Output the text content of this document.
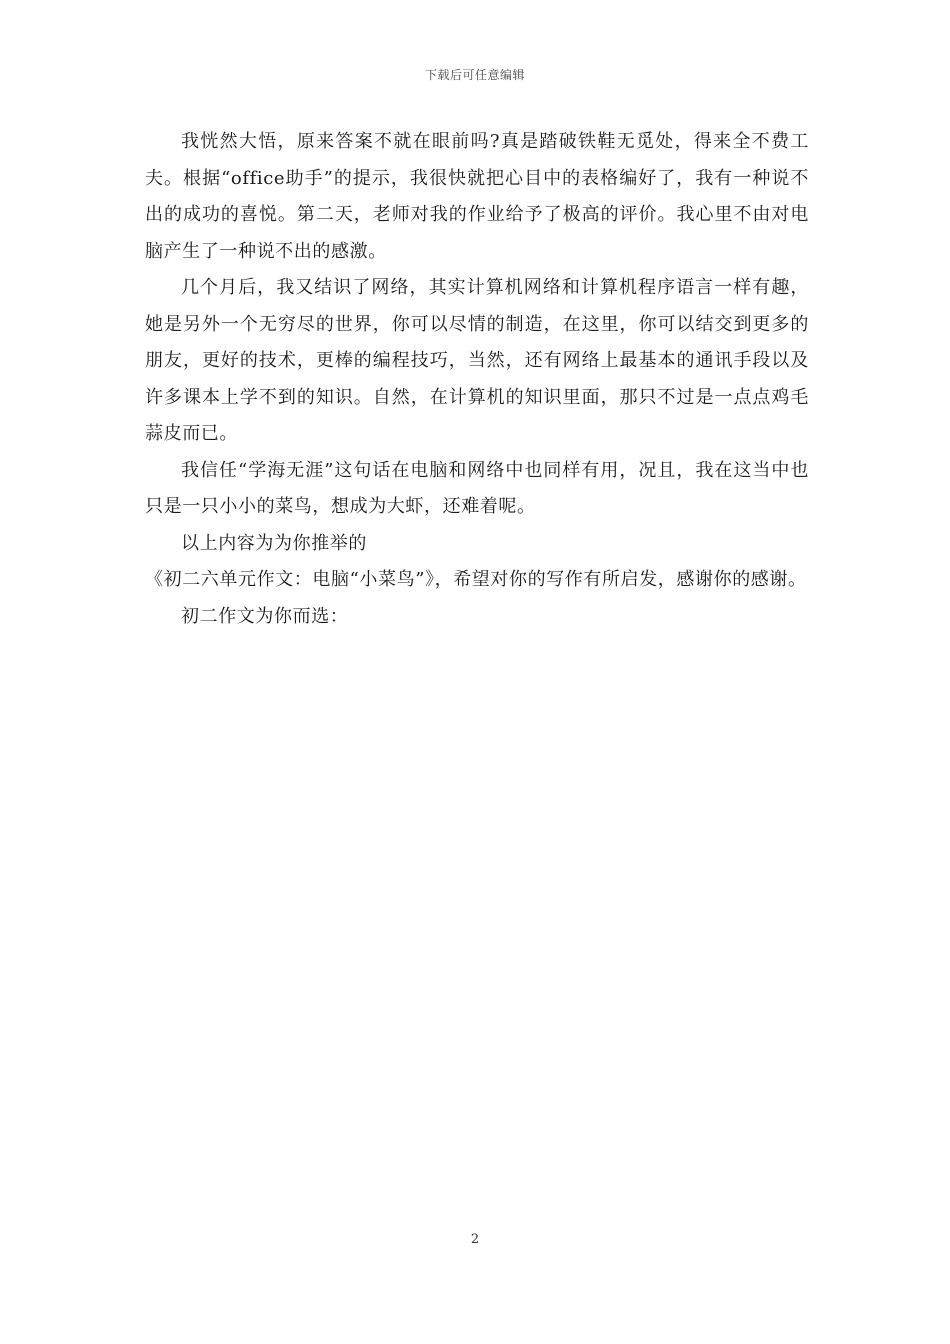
下载后可任意编辑

我恍然大悟，原来答案不就在眼前吗?真是踏破铁鞋无觅处，得来全不费工夫。根据“office助手”的提示，我很快就把心目中的表格编好了，我有一种说不出的成功的喜悦。第二天，老师对我的作业给予了极高的评价。我心里不由对电脑产生了一种说不出的感激。

几个月后，我又结识了网络，其实计算机网络和计算机程序语言一样有趣，她是另外一个无穷尽的世界，你可以尽情的制造，在这里，你可以结交到更多的朋友，更好的技术，更棒的编程技巧，当然，还有网络上最基本的通讯手段以及许多课本上学不到的知识。自然，在计算机的知识里面，那只不过是一点点鸡毛蒜皮而已。

我信任“学海无涯”这句话在电脑和网络中也同样有用，况且，我在这当中也只是一只小小的菜鸟，想成为大虾，还难着呢。

以上内容为为你推举的

《初二六单元作文：电脑“小菜鸟”》，希望对你的写作有所启发，感谢你的感谢。

初二作文为你而选：

2
